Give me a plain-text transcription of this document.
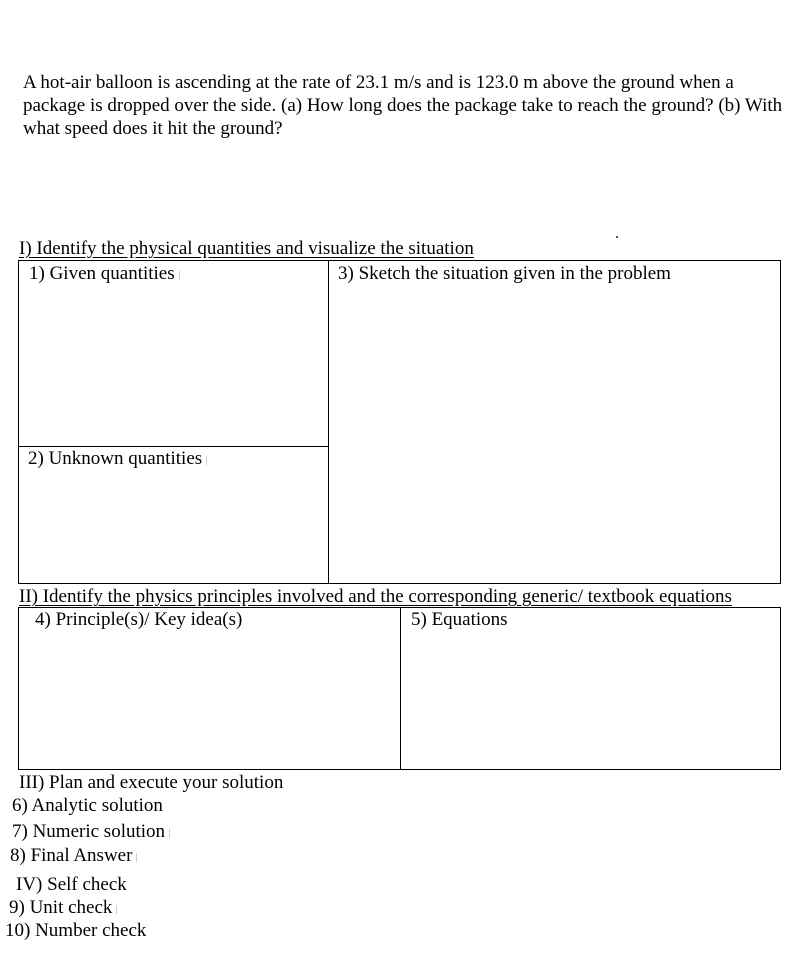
A hot-air balloon is ascending at the rate of 23.1 m/s and is 123.0 m above the ground when a package is dropped over the side. (a) How long does the package take to reach the ground? (b) With what speed does it hit the ground?
I) Identify the physical quantities and visualize the situation
1) Given quantities
2) Unknown quantities
3) Sketch the situation given in the problem
II) Identify the physics principles involved and the corresponding generic/ textbook equations
4) Principle(s)/ Key idea(s)	5) Equations
III) Plan and execute your solution
6) Analytic solution
7) Numeric solution
8) Final Answer
IV) Self check
9) Unit check
10) Number check
